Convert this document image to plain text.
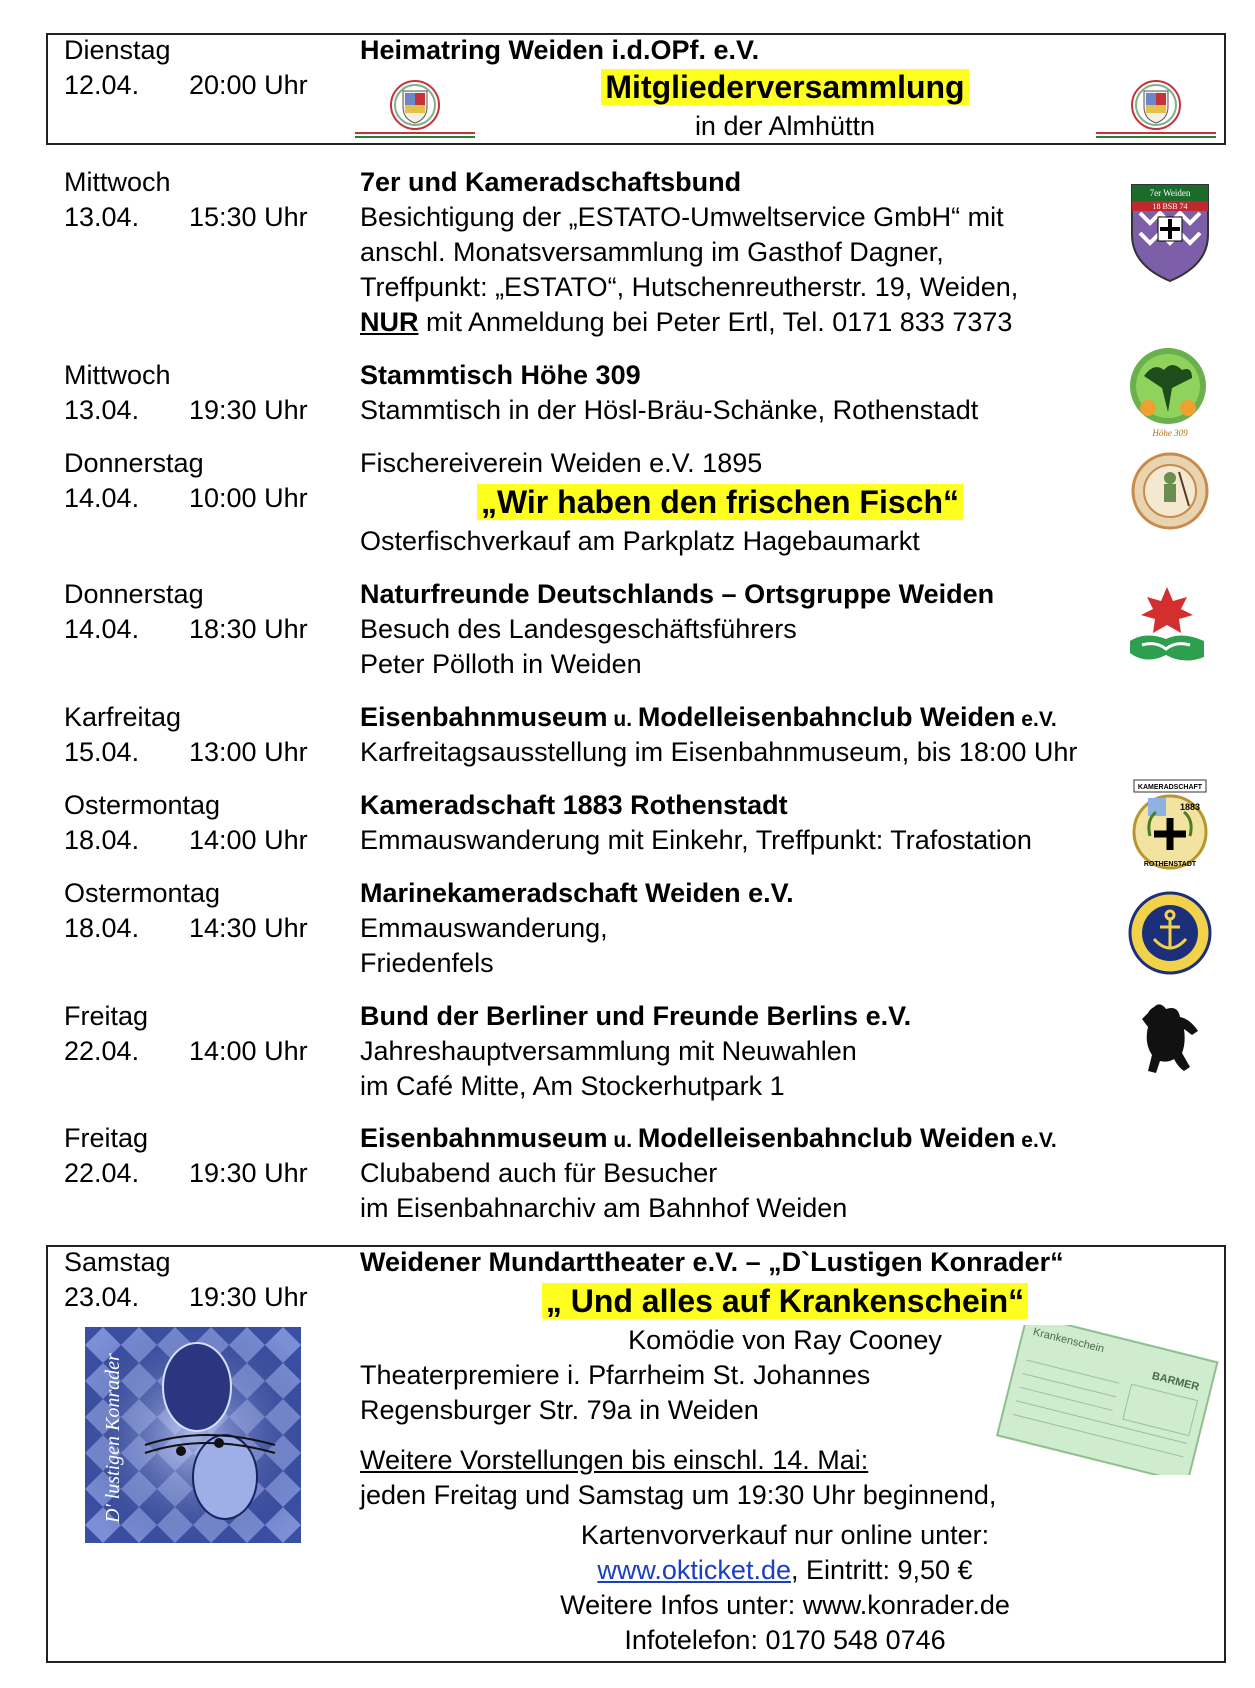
Dienstag
12.04. 20:00 Uhr
Heimatring Weiden i.d.OPf. e.V.
Mitgliederversammlung
in der Almhüttn
Mittwoch
13.04. 15:30 Uhr
7er und Kameradschaftsbund
Besichtigung der „ESTATO-Umweltservice GmbH“ mit
anschl. Monatsversammlung im Gasthof Dagner,
Treffpunkt: „ESTATO“, Hutschenreutherstr. 19, Weiden,
NUR mit Anmeldung bei Peter Ertl, Tel. 0171 833 7373
7er Weiden
18 BSB 74
Mittwoch
13.04. 19:30 Uhr
Stammtisch Höhe 309
Stammtisch in der Hösl-Bräu-Schänke, Rothenstadt
Höhe 309
Donnerstag
14.04. 10:00 Uhr
Fischereiverein Weiden e.V. 1895
„Wir haben den frischen Fisch“
Osterfischverkauf am Parkplatz Hagebaumarkt
Donnerstag
14.04. 18:30 Uhr
Naturfreunde Deutschlands – Ortsgruppe Weiden
Besuch des Landesgeschäftsführers
Peter Pölloth in Weiden
Karfreitag
15.04. 13:00 Uhr
Eisenbahnmuseum u. Modelleisenbahnclub Weiden e.V.
Karfreitagsausstellung im Eisenbahnmuseum, bis 18:00 Uhr
Ostermontag
18.04. 14:00 Uhr
Kameradschaft 1883 Rothenstadt
Emmauswanderung mit Einkehr, Treffpunkt: Trafostation
KAMERADSCHAFT
1883
ROTHENSTADT
Ostermontag
18.04. 14:30 Uhr
Marinekameradschaft Weiden e.V.
Emmauswanderung,
Friedenfels
Freitag
22.04. 14:00 Uhr
Bund der Berliner und Freunde Berlins e.V.
Jahreshauptversammlung mit Neuwahlen
im Café Mitte, Am Stockerhutpark 1
Freitag
22.04. 19:30 Uhr
Eisenbahnmuseum u. Modelleisenbahnclub Weiden e.V.
Clubabend auch für Besucher
im Eisenbahnarchiv am Bahnhof Weiden
Samstag
23.04. 19:30 Uhr
Weidener Mundarttheater e.V. – „D`Lustigen Konrader“
„ Und alles auf Krankenschein“
Komödie von Ray Cooney
Theaterpremiere i. Pfarrheim St. Johannes
Regensburger Str. 79a in Weiden
Weitere Vorstellungen bis einschl. 14. Mai:
jeden Freitag und Samstag um 19:30 Uhr beginnend,
Kartenvorverkauf nur online unter:
www.okticket.de, Eintritt: 9,50 €
Weitere Infos unter: www.konrader.de
Infotelefon: 0170 548 0746
D' lustigen Konrader
Krankenschein
BARMER
